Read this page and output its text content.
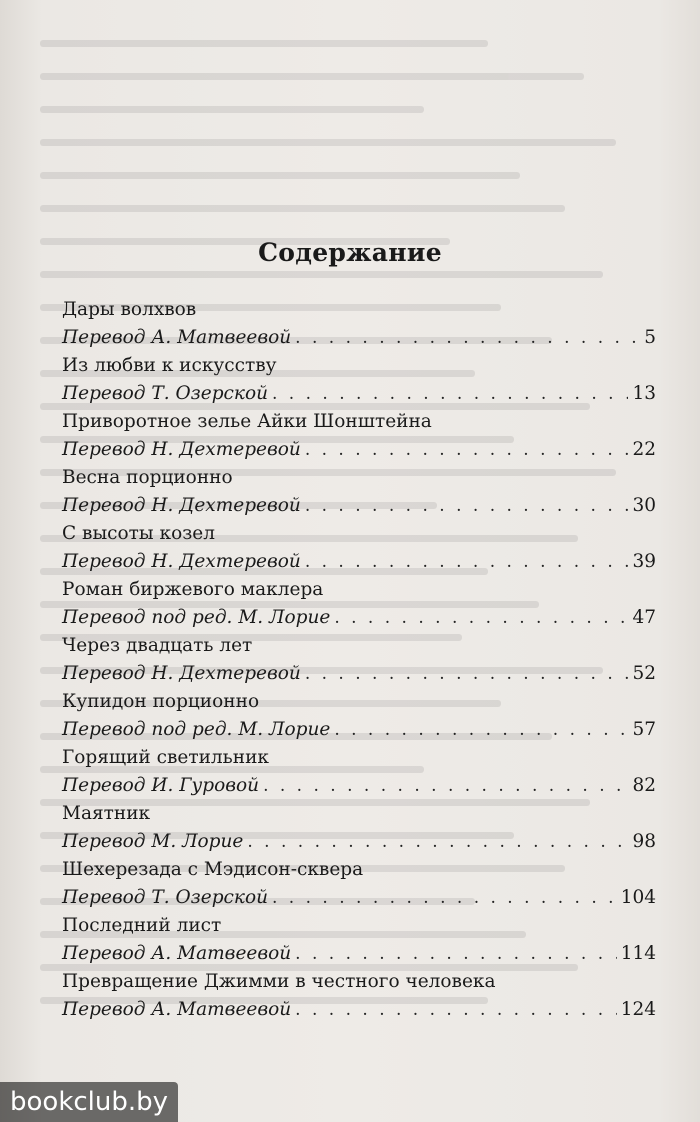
Содержание
Дары волхвов
Перевод А. Матвеевой . . .	5
Из любви к искусству
Перевод Т. Озерской . . .	13
Приворотное зелье Айки Шонштейна
Перевод Н. Дехтеревой . . .	22
Весна порционно
Перевод Н. Дехтеревой . . .	30
С высоты козел
Перевод Н. Дехтеревой . . .	39
Роман биржевого маклера
Перевод под ред. М. Лорие . . .	47
Через двадцать лет
Перевод Н. Дехтеревой . . .	52
Купидон порционно
Перевод под ред. М. Лорие . . .	57
Горящий светильник
Перевод И. Гуровой . . .	82
Маятник
Перевод М. Лорие . . .	98
Шехерезада с Мэдисон-сквера
Перевод Т. Озерской . . .	104
Последний лист
Перевод А. Матвеевой . . .	114
Превращение Джимми в честного человека
Перевод А. Матвеевой . . .	124
bookclub.by
